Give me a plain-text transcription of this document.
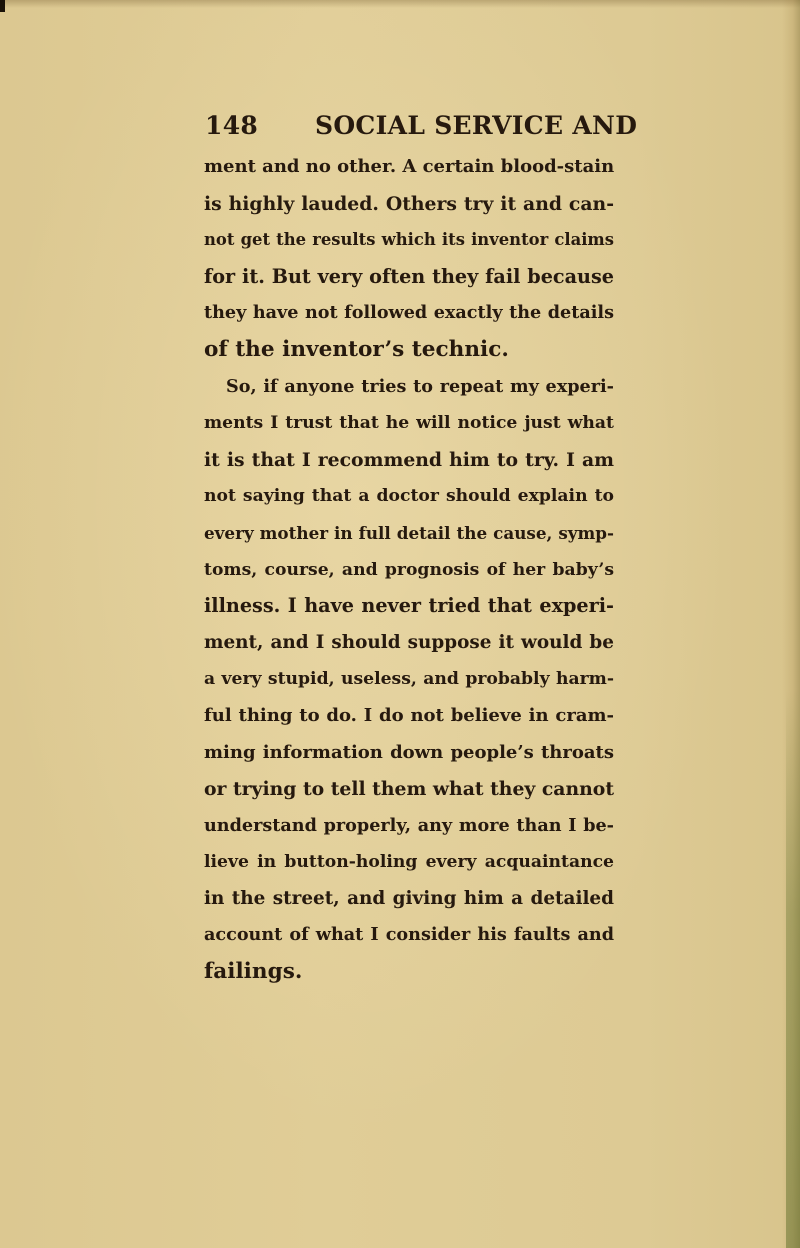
148 SOCIAL SERVICE AND
ment and no other. A certain blood-stain
is highly lauded. Others try it and can-
not get the results which its inventor claims
for it. But very often they fail because
they have not followed exactly the details
of the inventor’s technic.
So, if anyone tries to repeat my experi-
ments I trust that he will notice just what
it is that I recommend him to try. I am
not saying that a doctor should explain to
every mother in full detail the cause, symp-
toms, course, and prognosis of her baby’s
illness. I have never tried that experi-
ment, and I should suppose it would be
a very stupid, useless, and probably harm-
ful thing to do. I do not believe in cram-
ming information down people’s throats
or trying to tell them what they cannot
understand properly, any more than I be-
lieve in button-holing every acquaintance
in the street, and giving him a detailed
account of what I consider his faults and
failings.
